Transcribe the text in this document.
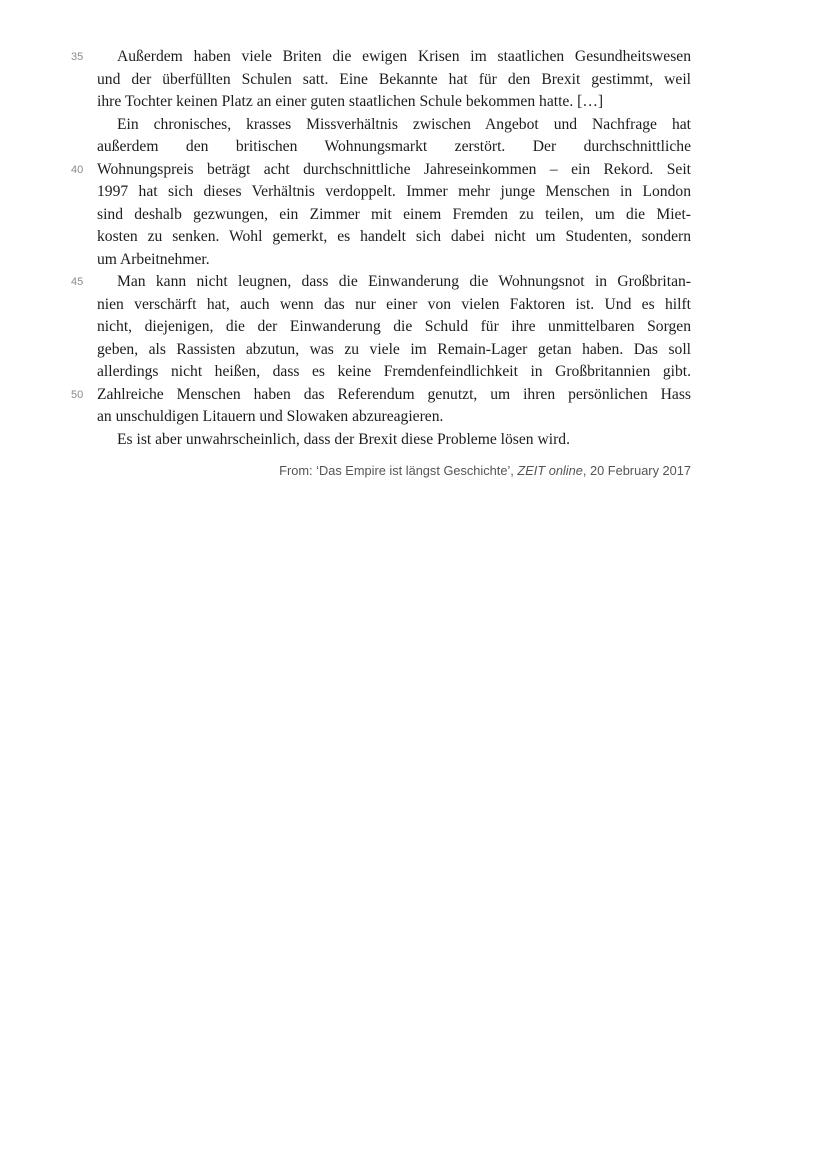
35	Außerdem haben viele Briten die ewigen Krisen im staatlichen Gesundheitswesen
und der überfüllten Schulen satt. Eine Bekannte hat für den Brexit gestimmt, weil
ihre Tochter keinen Platz an einer guten staatlichen Schule bekommen hatte. […]
Ein chronisches, krasses Missverhältnis zwischen Angebot und Nachfrage hat
außerdem den britischen Wohnungsmarkt zerstört. Der durchschnittliche
40 Wohnungspreis beträgt acht durchschnittliche Jahreseinkommen – ein Rekord. Seit
1997 hat sich dieses Verhältnis verdoppelt. Immer mehr junge Menschen in London
sind deshalb gezwungen, ein Zimmer mit einem Fremden zu teilen, um die Miet-
kosten zu senken. Wohl gemerkt, es handelt sich dabei nicht um Studenten, sondern
um Arbeitnehmer.
45	Man kann nicht leugnen, dass die Einwanderung die Wohnungsnot in Großbritan-
nien verschärft hat, auch wenn das nur einer von vielen Faktoren ist. Und es hilft
nicht, diejenigen, die der Einwanderung die Schuld für ihre unmittelbaren Sorgen
geben, als Rassisten abzutun, was zu viele im Remain-Lager getan haben. Das soll
allerdings nicht heißen, dass es keine Fremdenfeindlichkeit in Großbritannien gibt.
50 Zahlreiche Menschen haben das Referendum genutzt, um ihren persönlichen Hass
an unschuldigen Litauern und Slowaken abzureagieren.
Es ist aber unwahrscheinlich, dass der Brexit diese Probleme lösen wird.
From: ‘Das Empire ist längst Geschichte’, ZEIT online, 20 February 2017
